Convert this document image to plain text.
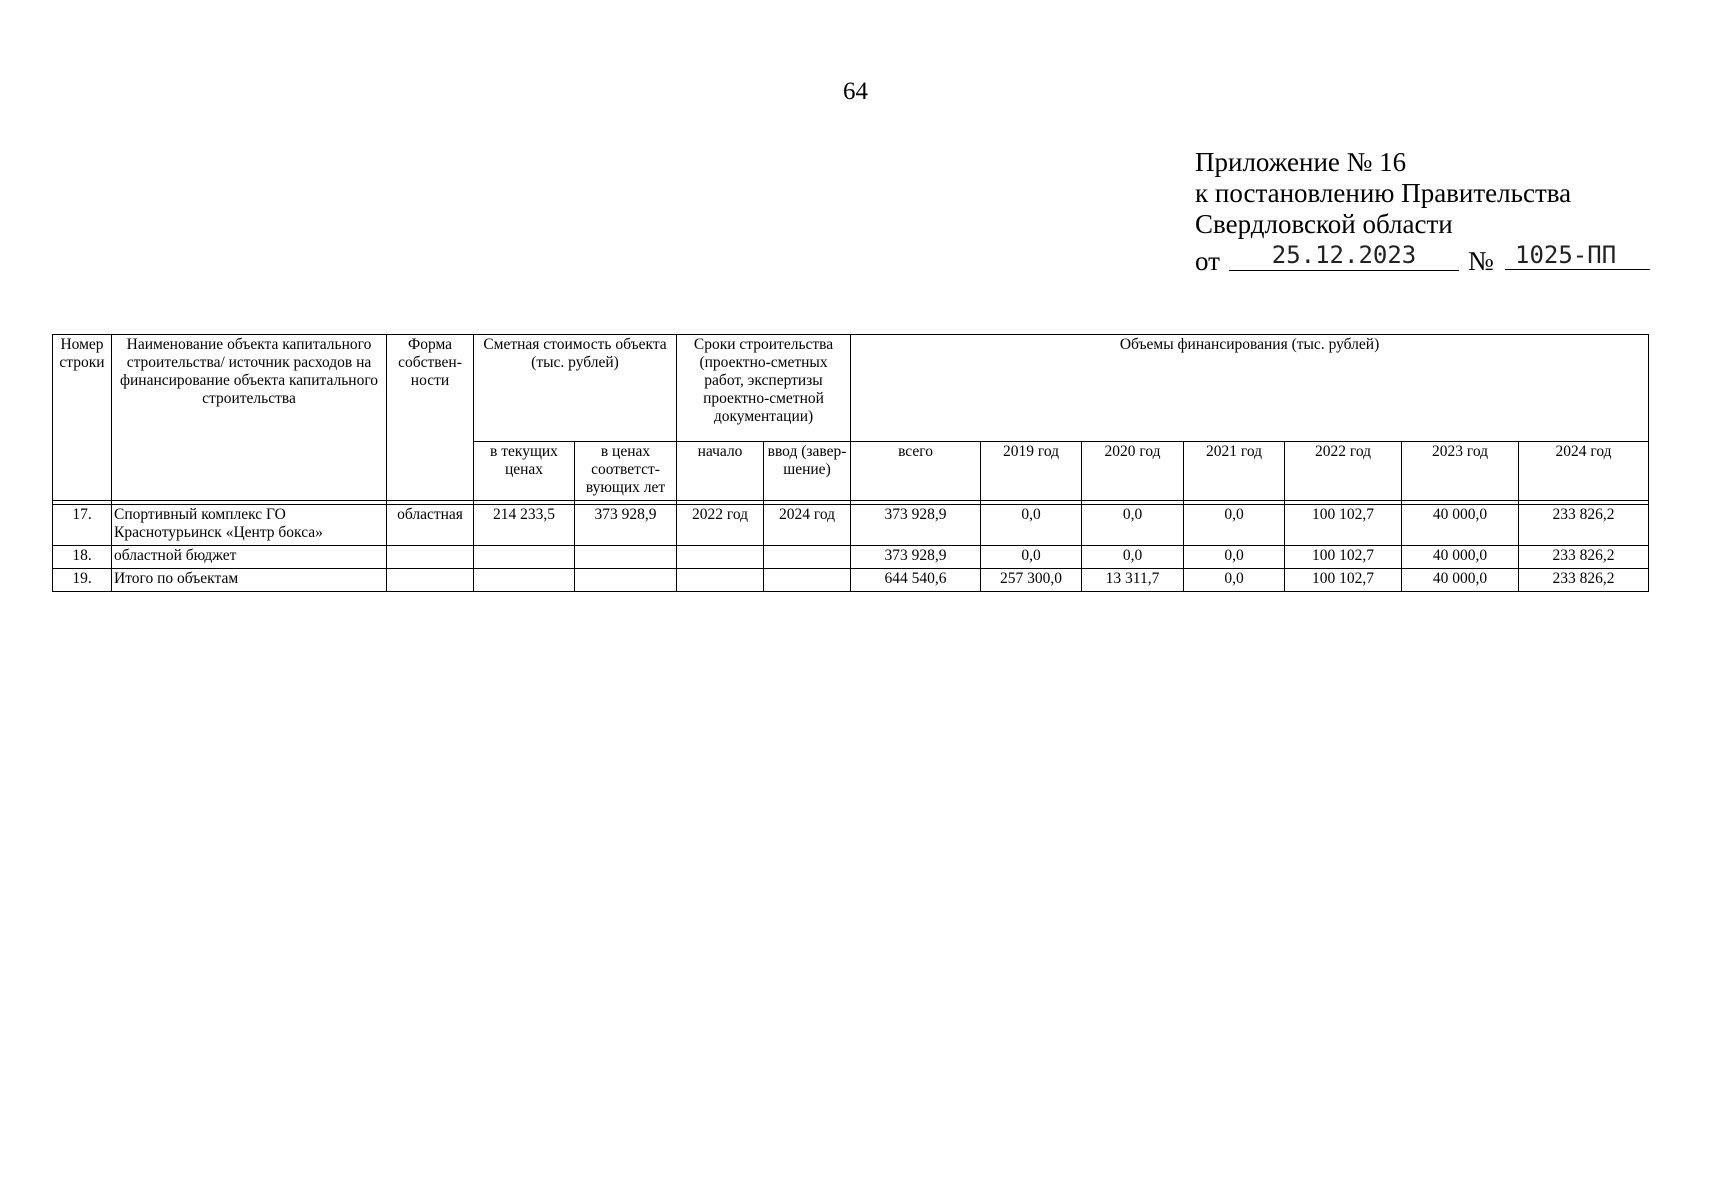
64
Приложение № 16
к постановлению Правительства
Свердловской области
от	25.12.2023	№ 1025-ПП
Номер строки	Наименование объекта капитального строительства/ источник расходов на финансирование объекта капитального строительства	Форма собствен-ности	Сметная стоимость объекта (тыс. рублей)		Сроки строительства (проектно-сметных работ, экспертизы проектно-сметной документации)		Объемы финансирования (тыс. рублей)						
			в текущих ценах	в ценах соответст-вующих лет	начало	ввод (завер-шение)	всего	2019 год	2020 год	2021 год	2022 год	2023 год	2024 год

17.	Спортивный комплекс ГО Краснотурьинск «Центр бокса»	областная	214 233,5	373 928,9	2022 год	2024 год	373 928,9	0,0	0,0	0,0	100 102,7	40 000,0	233 826,2
18.	областной бюджет						373 928,9	0,0	0,0	0,0	100 102,7	40 000,0	233 826,2
19.	Итого по объектам						644 540,6	257 300,0	13 311,7	0,0	100 102,7	40 000,0	233 826,2
